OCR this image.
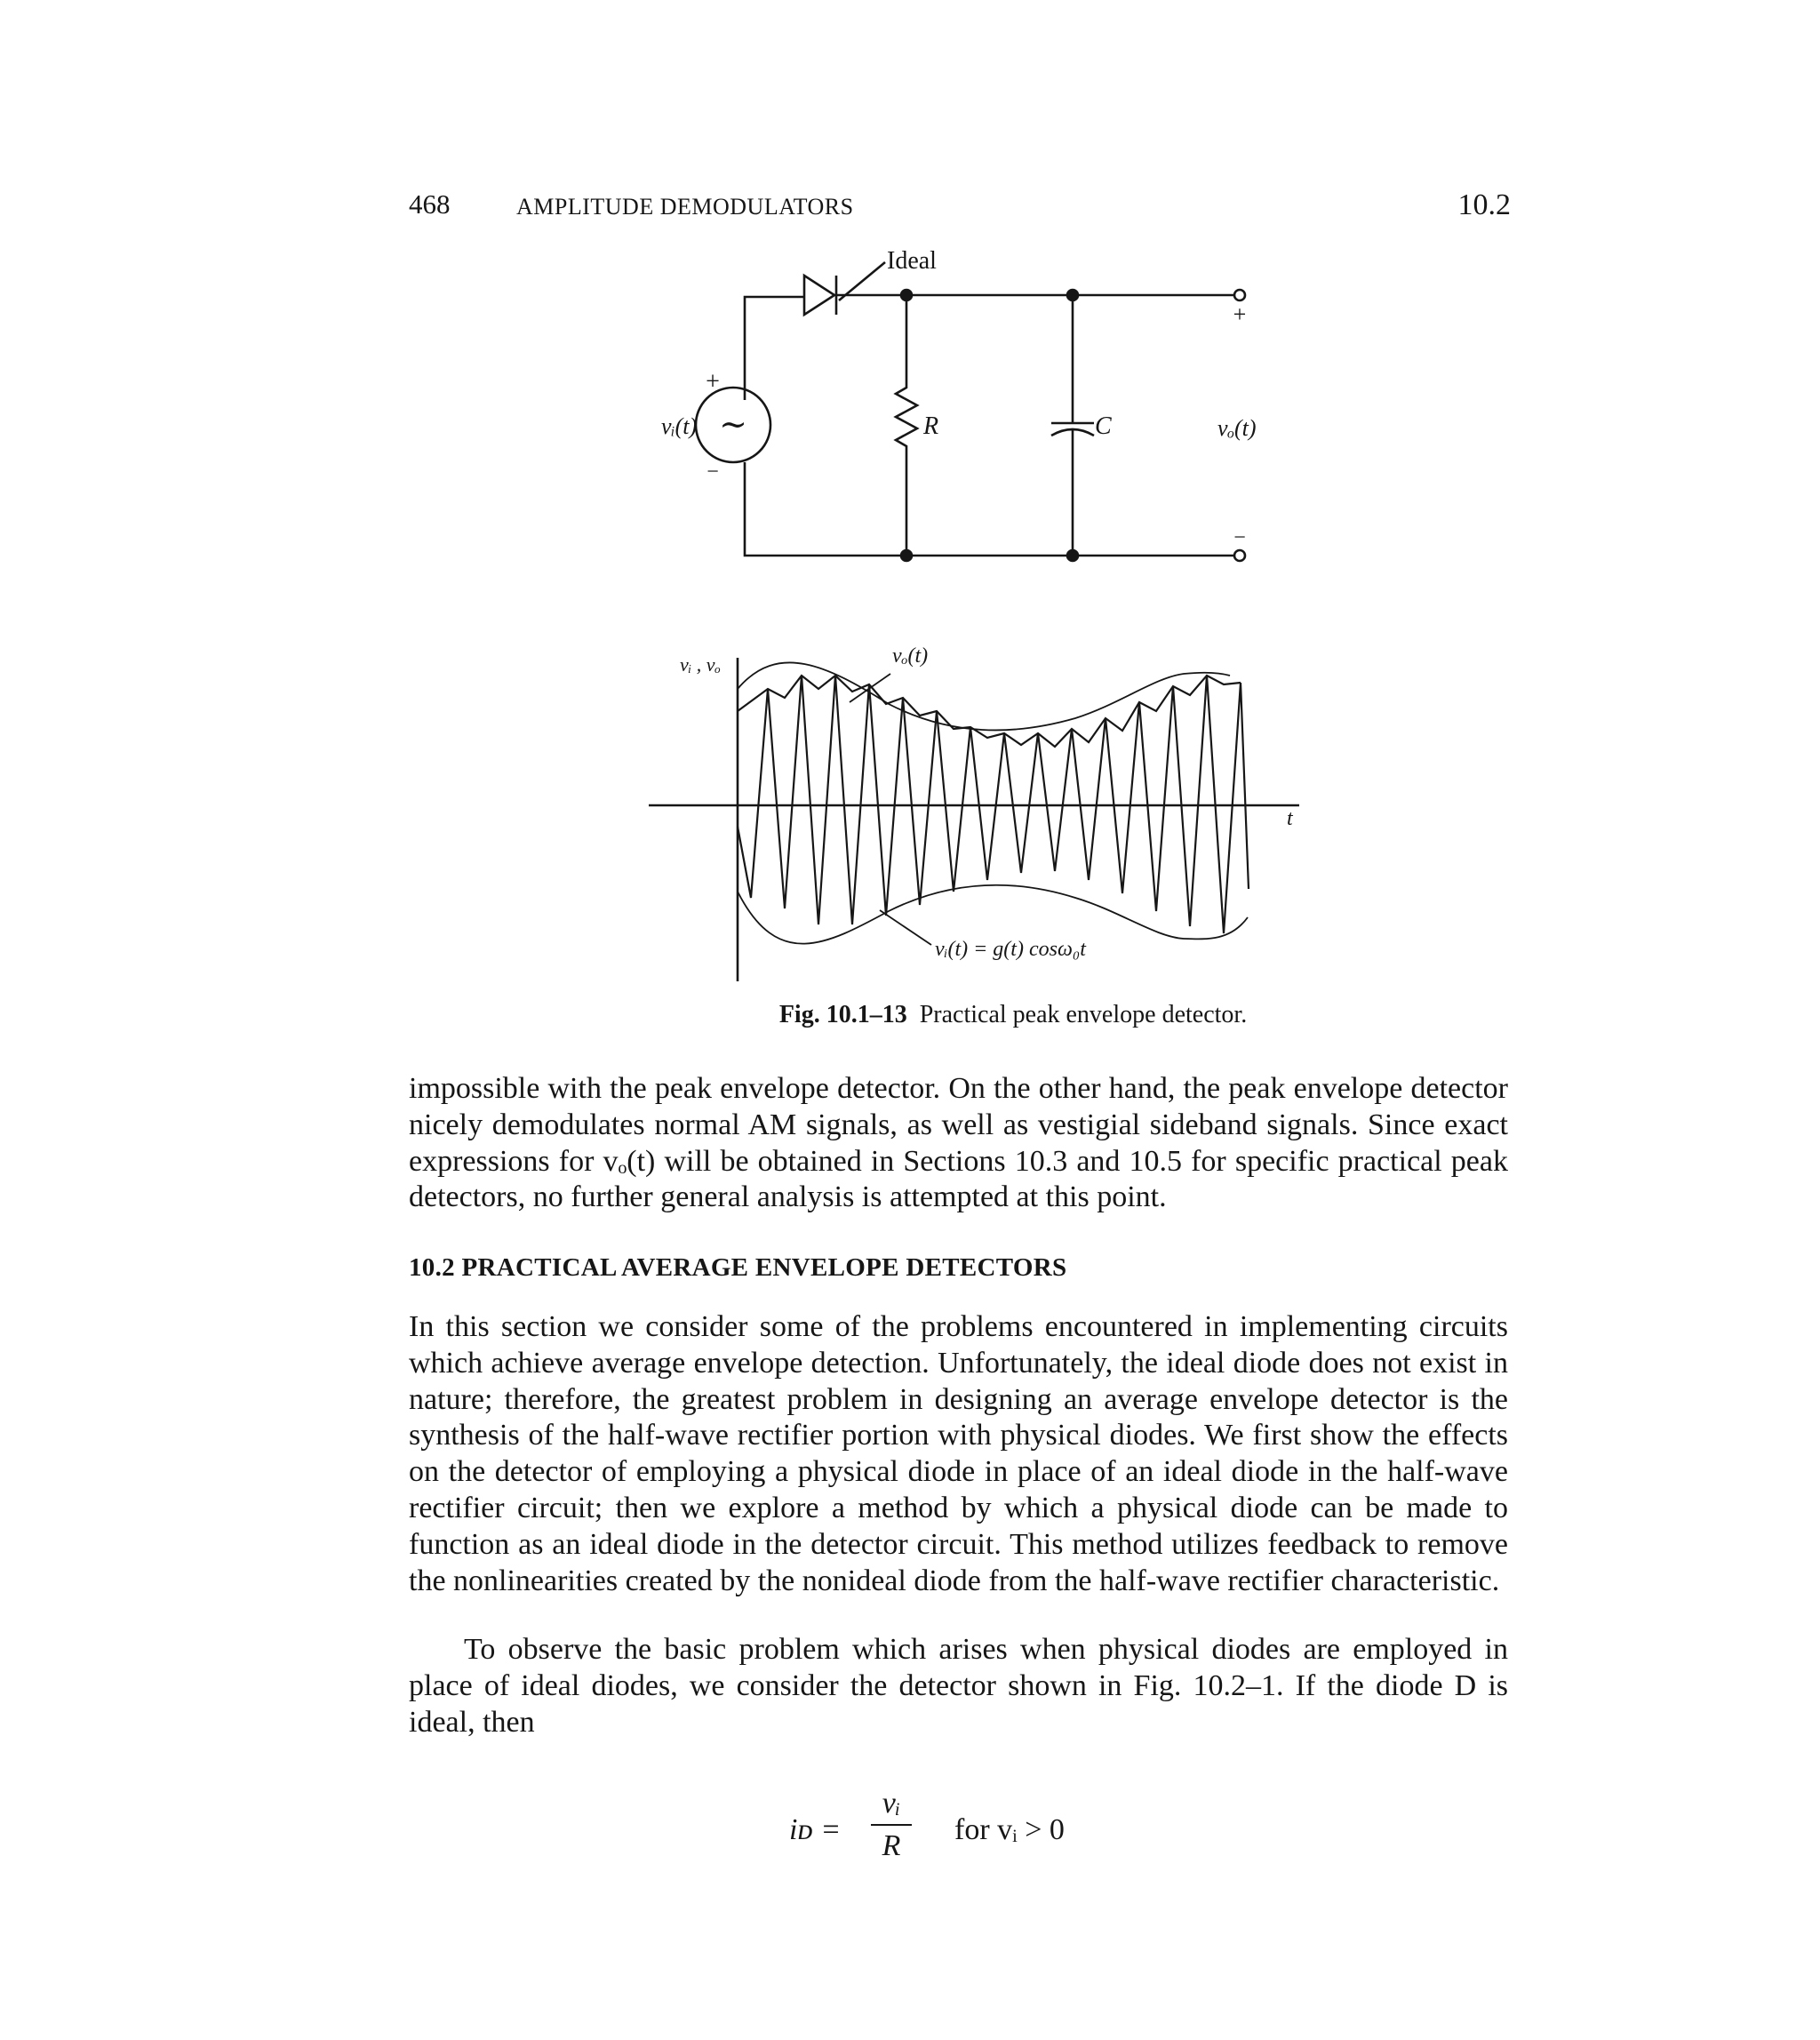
468	AMPLITUDE DEMODULATORS	10.2
Ideal
∼
+
−
vᵢ(t)	R	C
+
−
vₒ(t)
vᵢ , vₒ
t
vₒ(t)
vᵢ(t) = g(t) cosω₀t
Fig. 10.1–13 Practical peak envelope detector.

impossible with the peak envelope detector. On the other hand, the peak envelope detector nicely demodulates normal AM signals, as well as vestigial sideband signals. Since exact expressions for vₒ(t) will be obtained in Sections 10.3 and 10.5 for specific practical peak detectors, no further general analysis is attempted at this point.

10.2 PRACTICAL AVERAGE ENVELOPE DETECTORS

In this section we consider some of the problems encountered in implementing circuits which achieve average envelope detection. Unfortunately, the ideal diode does not exist in nature; therefore, the greatest problem in designing an average envelope detector is the synthesis of the half-wave rectifier portion with physical diodes. We first show the effects on the detector of employing a physical diode in place of an ideal diode in the half-wave rectifier circuit; then we explore a method by which a physical diode can be made to function as an ideal diode in the detector circuit. This method utilizes feedback to remove the nonlinearities created by the nonideal diode from the half-wave rectifier characteristic.

To observe the basic problem which arises when physical diodes are employed in place of ideal diodes, we consider the detector shown in Fig. 10.2–1. If the diode D is ideal, then

iᴅ =
vᵢ
R	for vᵢ > 0
